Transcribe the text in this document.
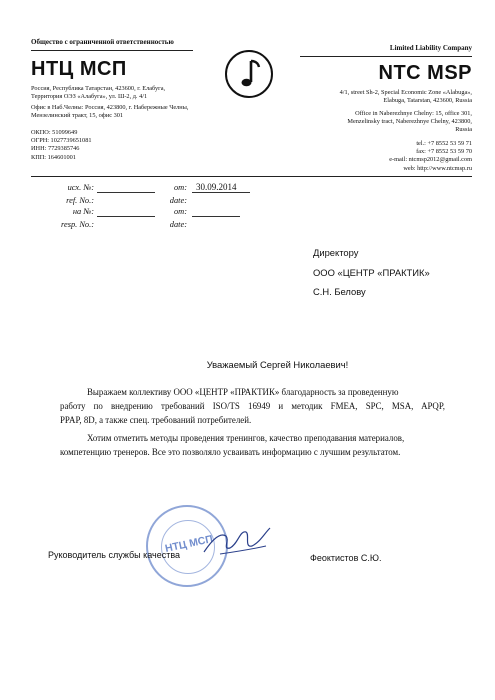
Общество с ограниченной ответственностью
НТЦ МСП
Россия, Республика Татарстан, 423600, г. Елабуга, Территория ОЭЗ «Алабуга», ул. Ш-2, д. 4/1
Офис в Наб.Челны: Россия, 423800, г. Набережные Челны, Мензелинский тракт, 15, офис 301
ОКПО: 51099649
ОГРН: 1027739651081
ИНН: 7729385746
КПП: 164601001
Limited Liability Company
NTC MSP
4/1, street Sh-2, Special Economic Zone «Alabuga»,
Elabuga, Tatarstan, 423600, Russia
Office in Naberezhnye Chelny: 15, office 301,
Menzelinsky tract, Naberezhnye Chelny, 423800,
Russia
tel.: +7 8552 53 59 71
fax: +7 8552 53 59 70
e-mail: ntcmsp2012@gmail.com
web: http://www.ntcmsp.ru
исх. №:	от: 30.09.2014
ref. No.:	date:
на №:	от:
resp. No.:	date:
Директору
ООО «ЦЕНТР «ПРАКТИК»
С.Н. Белову
Уважаемый Сергей Николаевич!
Выражаем коллективу ООО «ЦЕНТР «ПРАКТИК» благодарность за проведенную
работу по внедрению требований ISO/TS 16949 и методик FMEA, SPC, MSA, APQP,
PPAP, 8D, а также спец. требований потребителей.
Хотим отметить методы проведения тренингов, качество преподавания материалов,
компетенцию тренеров. Все это позволяло усваивать информацию с лучшим результатом.
НТЦ МСП
Руководитель службы качества	Феоктистов С.Ю.
